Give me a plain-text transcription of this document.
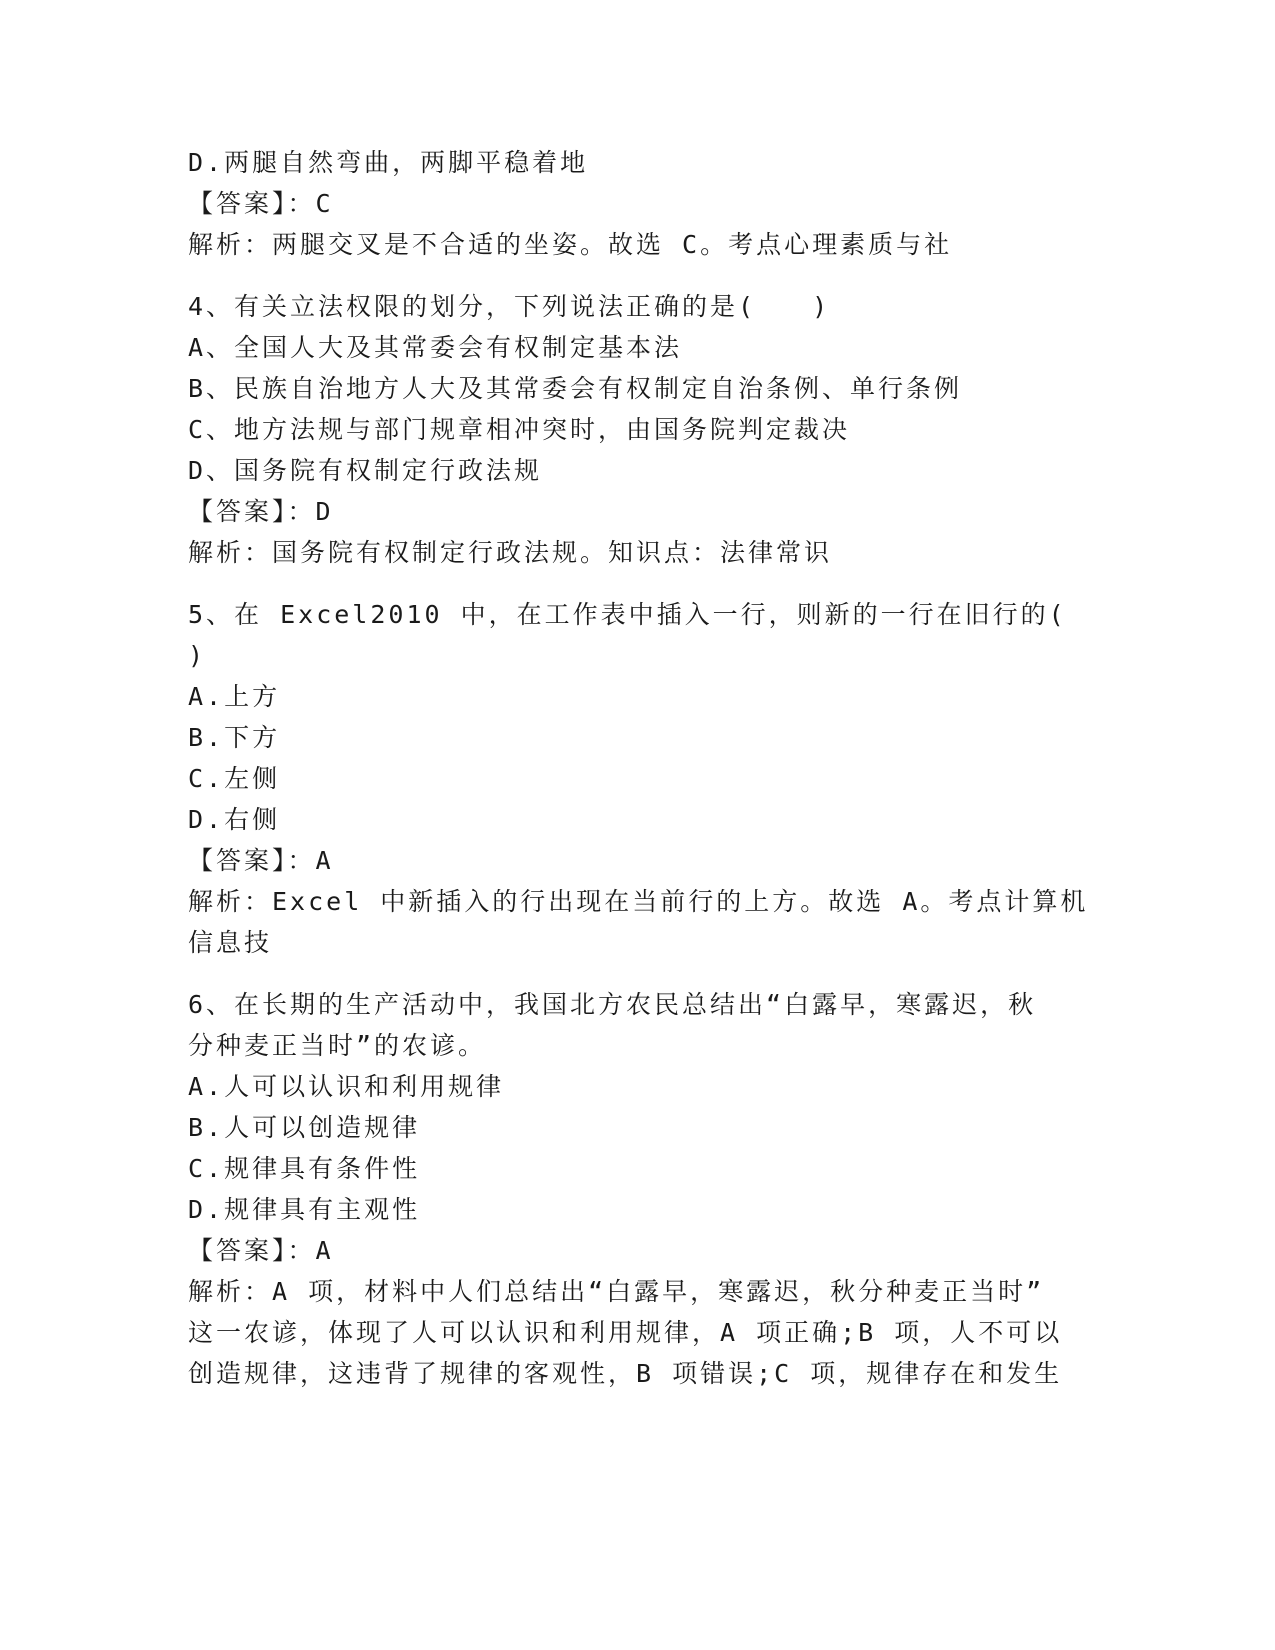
D.两腿自然弯曲，两脚平稳着地
【答案】：C
解析：两腿交叉是不合适的坐姿。故选 C。考点心理素质与社
4、有关立法权限的划分，下列说法正确的是(　　)
A、全国人大及其常委会有权制定基本法
B、民族自治地方人大及其常委会有权制定自治条例、单行条例
C、地方法规与部门规章相冲突时，由国务院判定裁决
D、国务院有权制定行政法规
【答案】：D
解析：国务院有权制定行政法规。知识点：法律常识
5、在 Excel2010 中，在工作表中插入一行，则新的一行在旧行的(
)
A.上方
B.下方
C.左侧
D.右侧
【答案】：A
解析：Excel 中新插入的行出现在当前行的上方。故选 A。考点计算机
信息技
6、在长期的生产活动中，我国北方农民总结出“白露早，寒露迟，秋
分种麦正当时”的农谚。
A.人可以认识和利用规律
B.人可以创造规律
C.规律具有条件性
D.规律具有主观性
【答案】：A
解析：A 项，材料中人们总结出“白露早，寒露迟，秋分种麦正当时”
这一农谚，体现了人可以认识和利用规律，A 项正确;B 项，人不可以
创造规律，这违背了规律的客观性，B 项错误;C 项，规律存在和发生
